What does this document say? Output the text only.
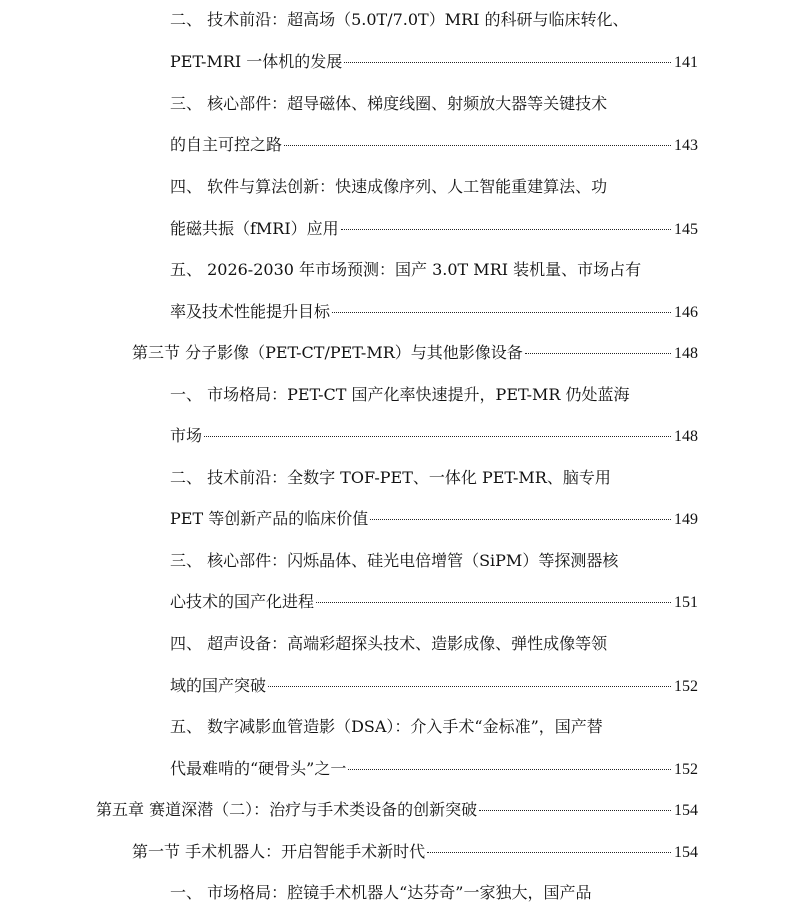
二、 技术前沿：超高场（5.0T/7.0T）MRI 的科研与临床转化、
PET-MRI 一体机的发展	141
三、 核心部件：超导磁体、梯度线圈、射频放大器等关键技术
的自主可控之路	143
四、 软件与算法创新：快速成像序列、人工智能重建算法、功
能磁共振（fMRI）应用	145
五、 2026-2030 年市场预测：国产 3.0T MRI 装机量、市场占有
率及技术性能提升目标	146
第三节 分子影像（PET-CT/PET-MR）与其他影像设备	148
一、 市场格局：PET-CT 国产化率快速提升，PET-MR 仍处蓝海
市场	148
二、 技术前沿：全数字 TOF-PET、一体化 PET-MR、脑专用
PET 等创新产品的临床价值	149
三、 核心部件：闪烁晶体、硅光电倍增管（SiPM）等探测器核
心技术的国产化进程	151
四、 超声设备：高端彩超探头技术、造影成像、弹性成像等领
域的国产突破	152
五、 数字减影血管造影（DSA）：介入手术“金标准”，国产替
代最难啃的“硬骨头”之一	152
第五章 赛道深潜（二）：治疗与手术类设备的创新突破	154
第一节 手术机器人：开启智能手术新时代	154
一、 市场格局：腔镜手术机器人“达芬奇”一家独大，国产品
